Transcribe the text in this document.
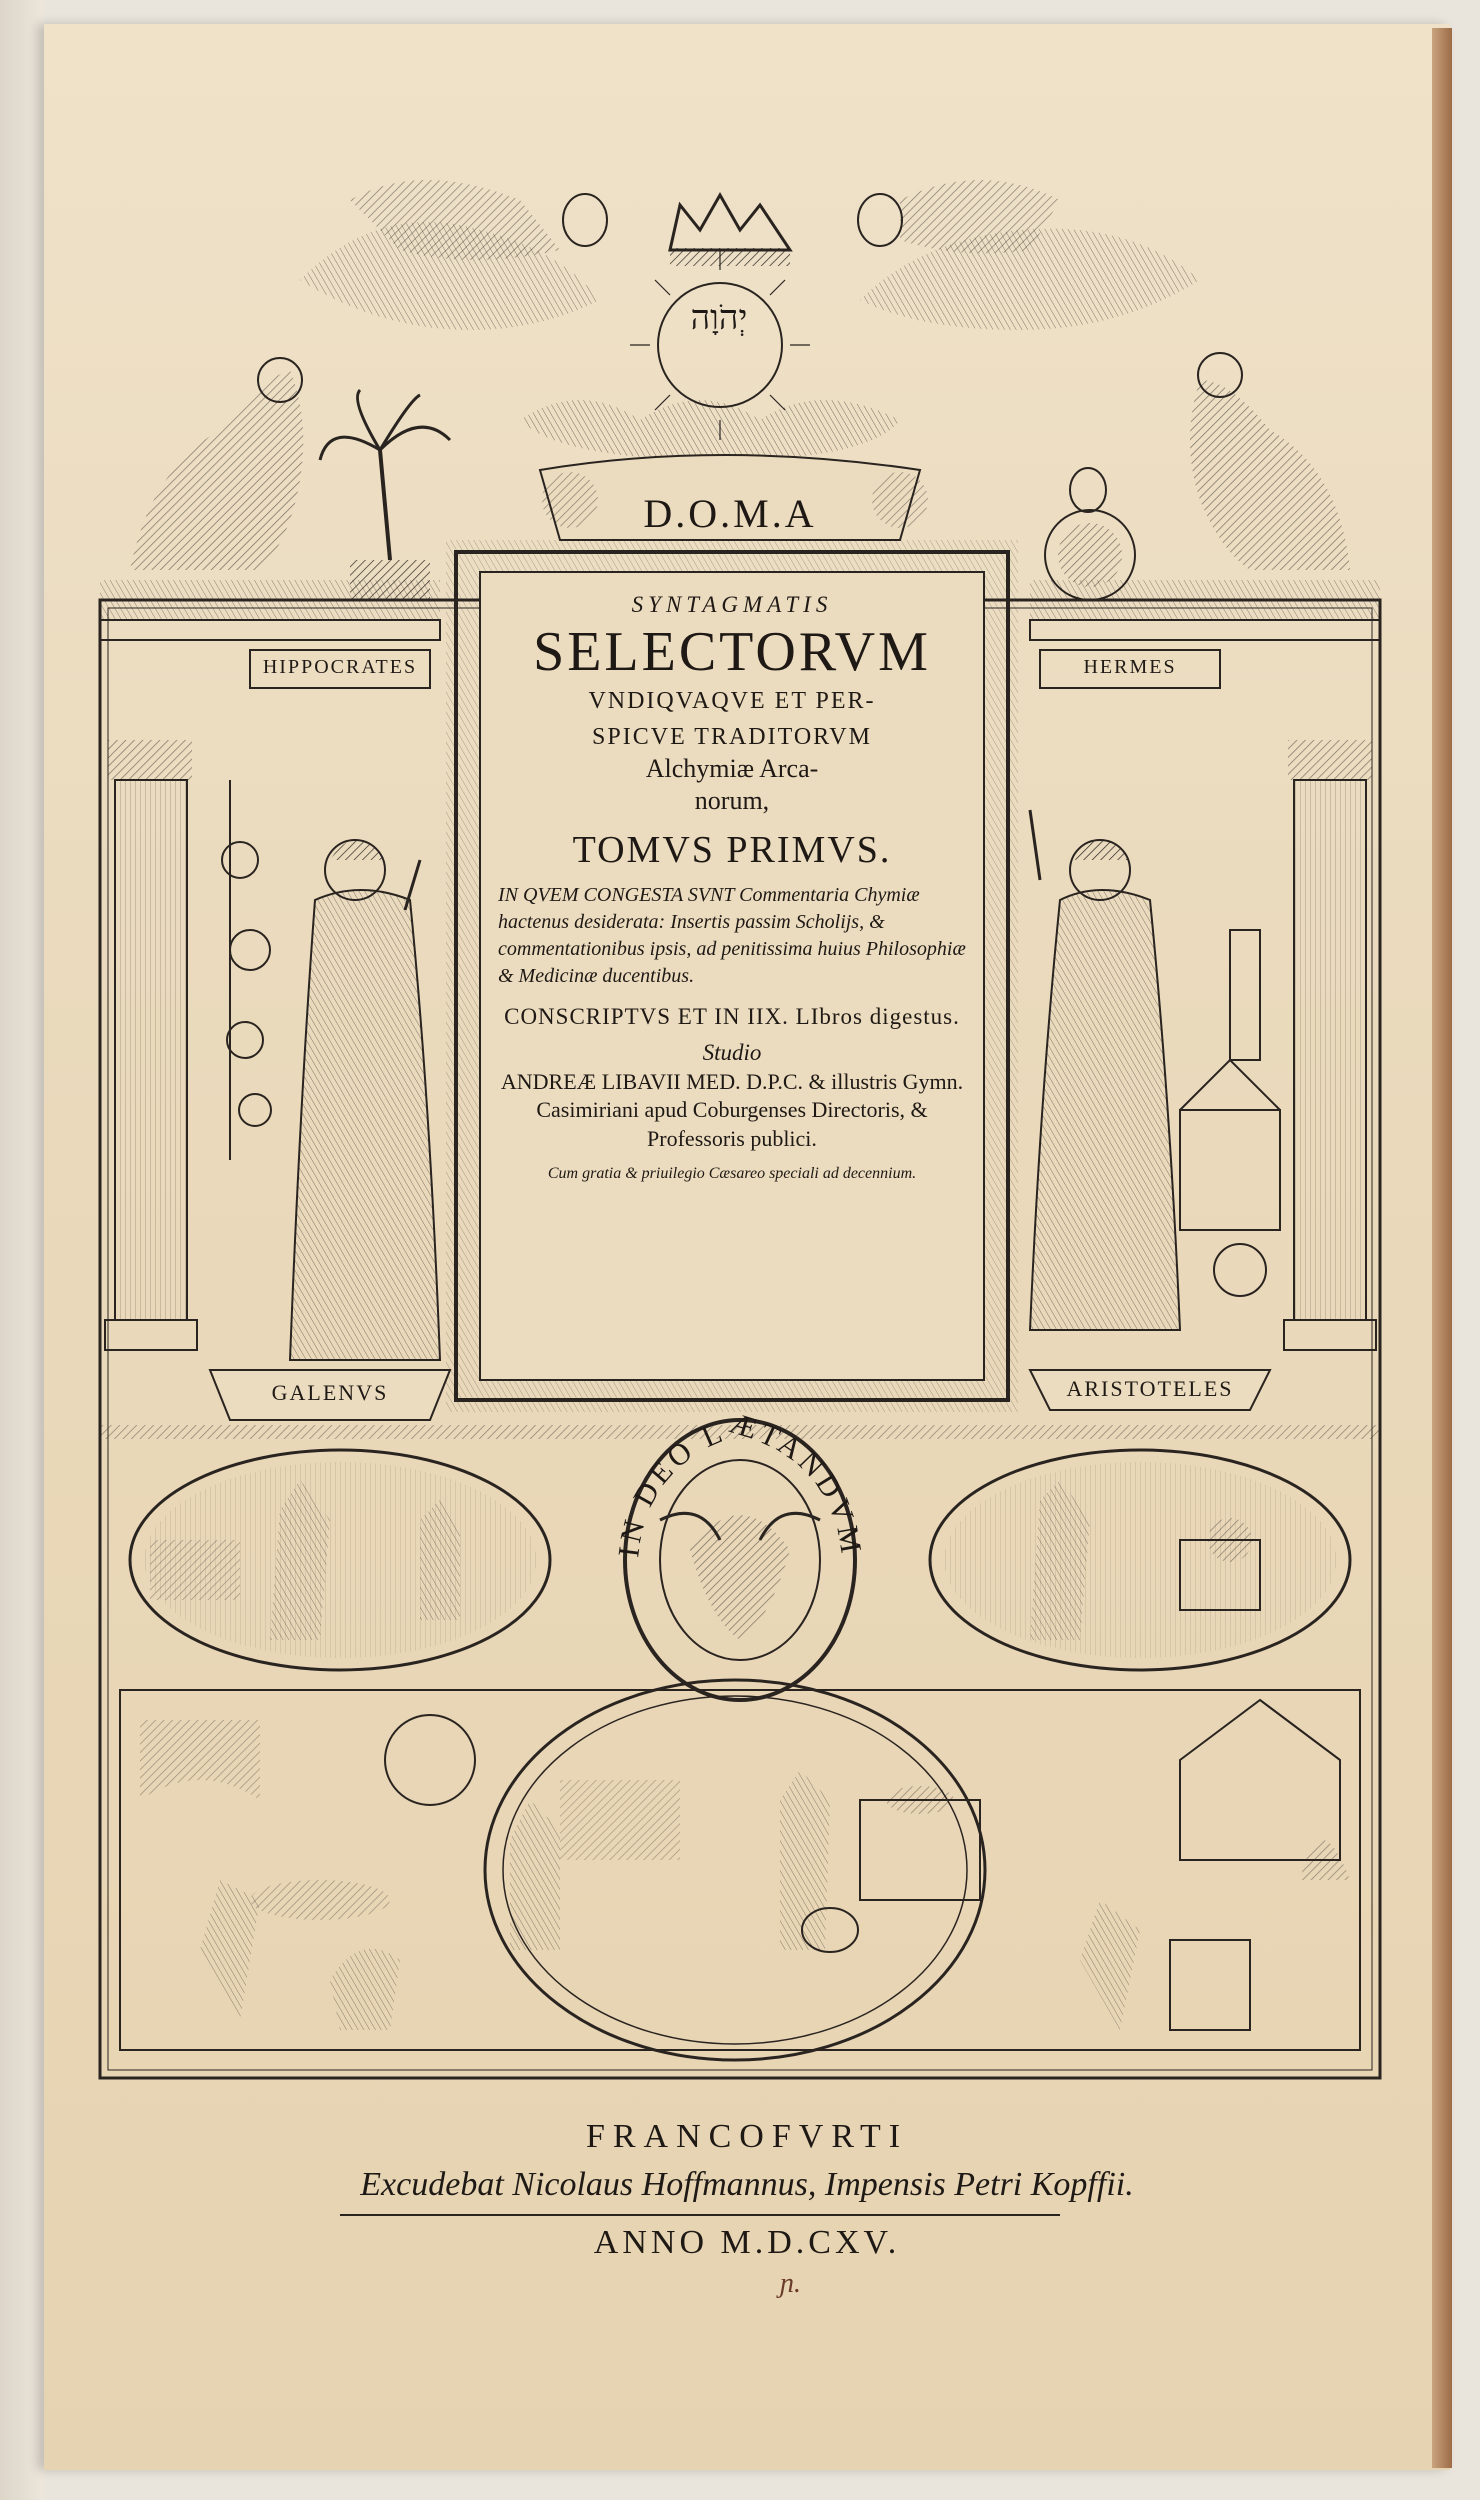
IN DEO LÆTANDVM
יְהֹוָה
D.O.M.A
HIPPOCRATES	HERMES
GALENVS	ARISTOTELES
SYNTAGMATIS
SELECTORVM
VNDIQVAQVE ET PER-
SPICVE TRADITORVM
Alchymiæ Arca-
norum,
TOMVS PRIMVS.
IN QVEM CONGESTA SVNT Commentaria Chymiæ hactenus desiderata: Insertis passim Scholijs, & commentationibus ipsis, ad penitissima huius Philosophiæ & Medicinæ ducentibus.
CONSCRIPTVS ET IN IIX. LIbros digestus.
Studio
ANDREÆ LIBAVII MED. D.P.C. & illustris Gymn. Casimiriani apud Coburgenses Directoris, & Professoris publici.
Cum gratia & priuilegio Cæsareo speciali ad decennium.
FRANCOFVRTI
Excudebat Nicolaus Hoffmannus, Impensis Petri Kopffii.
ANNO M.D.CXV.
ɲ.
